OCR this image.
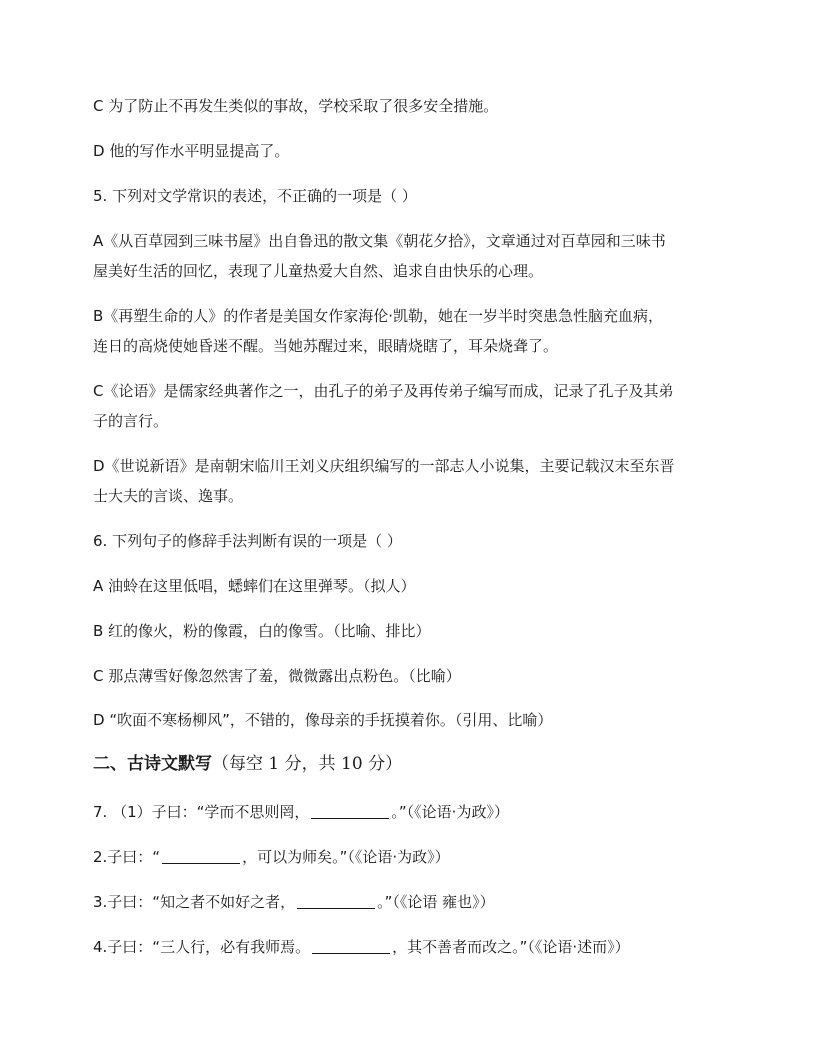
C 为了防止不再发生类似的事故，学校采取了很多安全措施。
D 他的写作水平明显提高了。
5. 下列对文学常识的表述，不正确的一项是（ ）
A《从百草园到三味书屋》出自鲁迅的散文集《朝花夕拾》，文章通过对百草园和三味书
屋美好生活的回忆，表现了儿童热爱大自然、追求自由快乐的心理。
B《再塑生命的人》的作者是美国女作家海伦·凯勒，她在一岁半时突患急性脑充血病，
连日的高烧使她昏迷不醒。当她苏醒过来，眼睛烧瞎了，耳朵烧聋了。
C《论语》是儒家经典著作之一，由孔子的弟子及再传弟子编写而成，记录了孔子及其弟
子的言行。
D《世说新语》是南朝宋临川王刘义庆组织编写的一部志人小说集，主要记载汉末至东晋
士大夫的言谈、逸事。
6. 下列句子的修辞手法判断有误的一项是（ ）
A 油蛉在这里低唱，蟋蟀们在这里弹琴。（拟人）
B 红的像火，粉的像霞，白的像雪。（比喻、排比）
C 那点薄雪好像忽然害了羞，微微露出点粉色。（比喻）
D “吹面不寒杨柳风”，不错的，像母亲的手抚摸着你。（引用、比喻）
二、古诗文默写（每空 1 分，共 10 分）
7. （1）子曰：“学而不思则罔，	。”（《论语·为政》）
2.子曰：“	，可以为师矣。”（《论语·为政》）
3.子曰：“知之者不如好之者，	。”（《论语 雍也》）
4.子曰：“三人行，必有我师焉。	，其不善者而改之。”（《论语·述而》）
